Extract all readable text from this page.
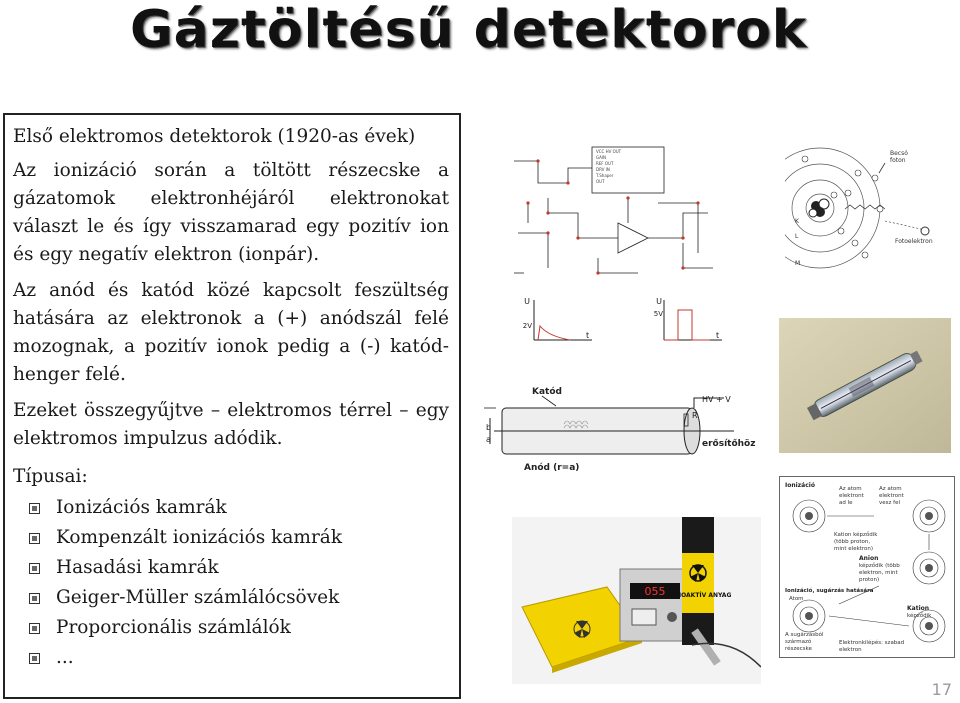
Gáztöltésű detektorok

Első elektromos detektorok (1920-as évek)

Az ionizáció során a töltött részecske a gázatomok elektronhéjáról elektronokat választ le és így visszamarad egy pozitív ion és egy negatív elektron (ionpár).

Az anód és katód közé kapcsolt feszültség hatására az elektronok a (+) anódszál felé mozognak, a pozitív ionok pedig a (-) katód-henger felé.

Ezeket összegyűjtve – elektromos térrel – egy elektromos impulzus adódik.

Típusai:
Ionizációs kamrák
Kompenzált ionizációs kamrák
Hasadási kamrák
Geiger-Müller számlálócsövek
Proporcionális számlálók
...
VCC HV OUT
GAIN
REF OUT
DRV IN
T.Shaper
OUT
U
2V
t
U
5V
t
Becsó
foton
Fotoelektron
K
L
M
Katód
Anód (r=a)
erősítőhöz
HV + V
R
b
a
Ionizáció	Az atom
elektront
ad le
Az atom
elektront
vesz fel
Kation képződik
(több proton,
mint elektron)
Anion
képződik (több
elektron, mint
proton)
Ionizáció, sugárzás hatására
Atom
Kation
képződik
A sugárzásból
származó
részecske
Elektronkilépés: szabad
elektron
055 RADIOAKTÍV ANYAG
17
